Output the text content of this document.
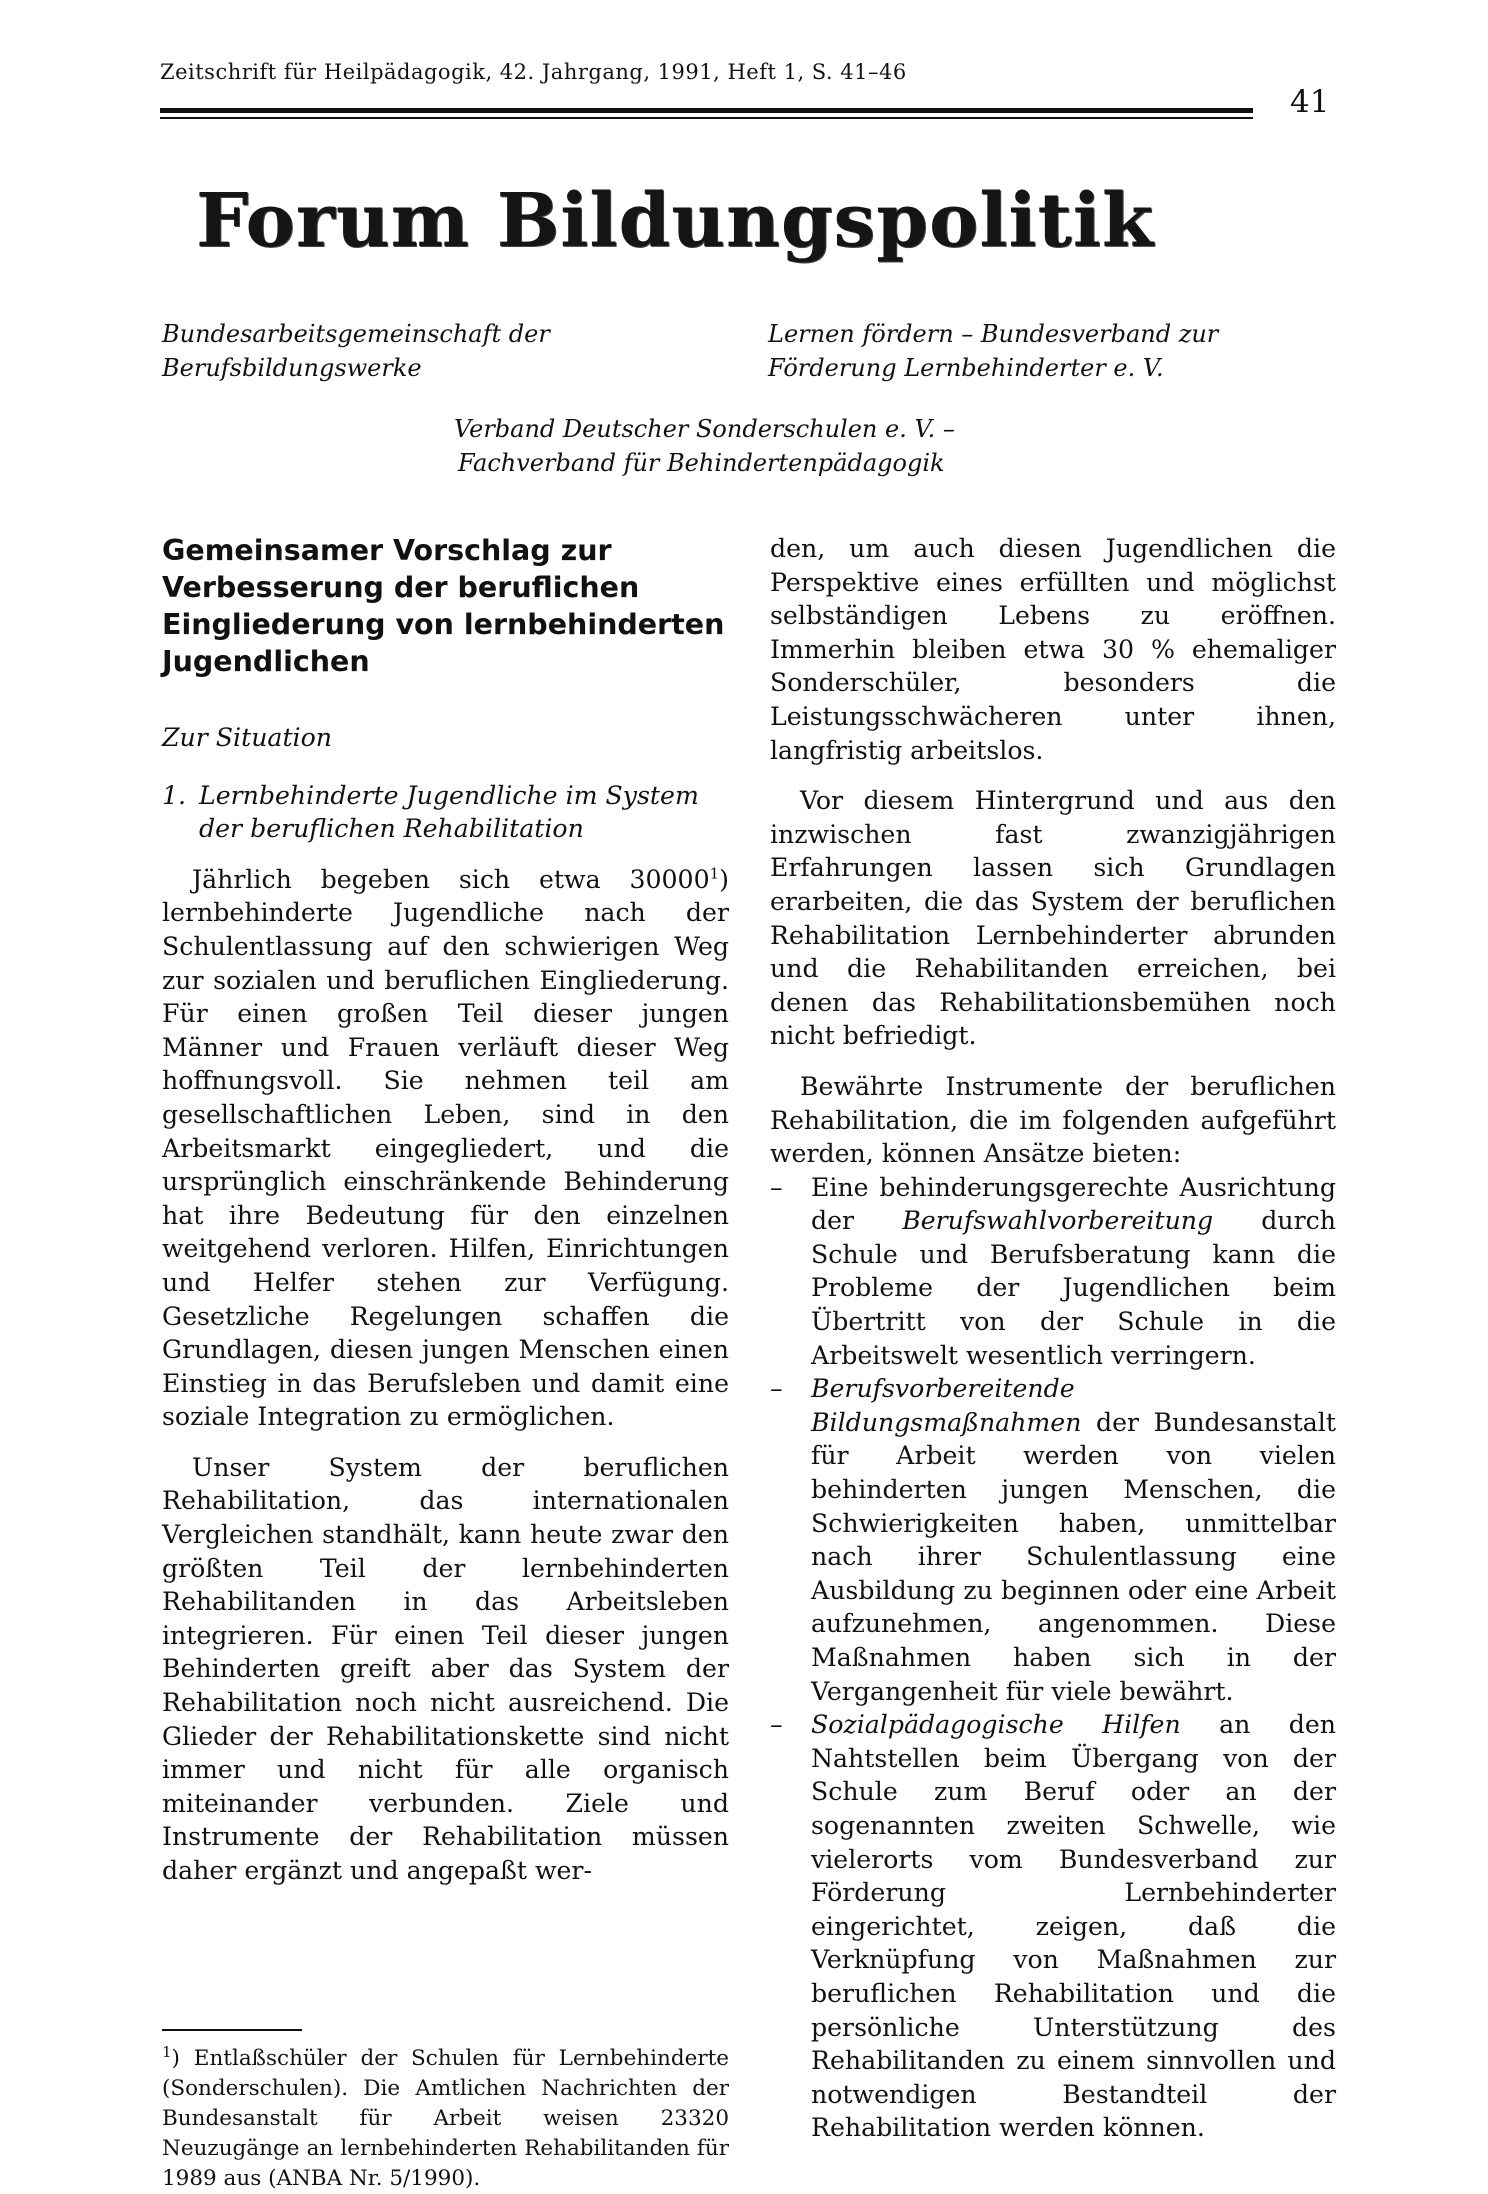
Zeitschrift für Heilpädagogik, 42. Jahrgang, 1991, Heft 1, S. 41–46
41
Forum Bildungspolitik
Bundesarbeitsgemeinschaft der Berufsbildungswerke
Lernen fördern – Bundesverband zur Förderung Lernbehinderter e. V.
Verband Deutscher Sonderschulen e. V. –
Fachverband für Behindertenpädagogik
Gemeinsamer Vorschlag zur Verbesserung der beruflichen Eingliederung von lernbehinderten Jugendlichen

Zur Situation

1. Lernbehinderte Jugendliche im System der beruflichen Rehabilitation

Jährlich begeben sich etwa 30000$^1$) lernbehinderte Jugendliche nach der Schulentlassung auf den schwierigen Weg zur sozialen und beruflichen Eingliederung. Für einen großen Teil dieser jungen Männer und Frauen verläuft dieser Weg hoffnungsvoll. Sie nehmen teil am gesellschaftlichen Leben, sind in den Arbeitsmarkt eingegliedert, und die ursprünglich einschränkende Behinderung hat ihre Bedeutung für den einzelnen weitgehend verloren. Hilfen, Einrichtungen und Helfer stehen zur Verfügung. Gesetzliche Regelungen schaffen die Grundlagen, diesen jungen Menschen einen Einstieg in das Berufsleben und damit eine soziale Integration zu ermöglichen.

Unser System der beruflichen Rehabilitation, das internationalen Vergleichen standhält, kann heute zwar den größten Teil der lernbehinderten Rehabilitanden in das Arbeitsleben integrieren. Für einen Teil dieser jungen Behinderten greift aber das System der Rehabilitation noch nicht ausreichend. Die Glieder der Rehabilitationskette sind nicht immer und nicht für alle organisch miteinander verbunden. Ziele und Instrumente der Rehabilitation müssen daher ergänzt und angepaßt wer-

den, um auch diesen Jugendlichen die Perspektive eines erfüllten und möglichst selbständigen Lebens zu eröffnen. Immerhin bleiben etwa 30 % ehemaliger Sonderschüler, besonders die Leistungsschwächeren unter ihnen, langfristig arbeitslos.

Vor diesem Hintergrund und aus den inzwischen fast zwanzigjährigen Erfahrungen lassen sich Grundlagen erarbeiten, die das System der beruflichen Rehabilitation Lernbehinderter abrunden und die Rehabilitanden erreichen, bei denen das Rehabilitationsbemühen noch nicht befriedigt.

Bewährte Instrumente der beruflichen Rehabilitation, die im folgenden aufgeführt werden, können Ansätze bieten:

–	Eine behinderungsgerechte Ausrichtung der Berufswahlvorbereitung durch Schule und Berufsberatung kann die Probleme der Jugendlichen beim Übertritt von der Schule in die Arbeitswelt wesentlich verringern.
–	Berufsvorbereitende Bildungsmaßnahmen der Bundesanstalt für Arbeit werden von vielen behinderten jungen Menschen, die Schwierigkeiten haben, unmittelbar nach ihrer Schulentlassung eine Ausbildung zu beginnen oder eine Arbeit aufzunehmen, angenommen. Diese Maßnahmen haben sich in der Vergangenheit für viele bewährt.
–	Sozialpädagogische Hilfen an den Nahtstellen beim Übergang von der Schule zum Beruf oder an der sogenannten zweiten Schwelle, wie vielerorts vom Bundesverband zur Förderung Lernbehinderter eingerichtet, zeigen, daß die Verknüpfung von Maßnahmen zur beruflichen Rehabilitation und die persönliche Unterstützung des Rehabilitanden zu einem sinnvollen und notwendigen Bestandteil der Rehabilitation werden können.
$^1$) Entlaßschüler der Schulen für Lernbehinderte (Sonderschulen). Die Amtlichen Nachrichten der Bundesanstalt für Arbeit weisen 23320 Neuzugänge an lernbehinderten Rehabilitanden für 1989 aus (ANBA Nr. 5/1990).
